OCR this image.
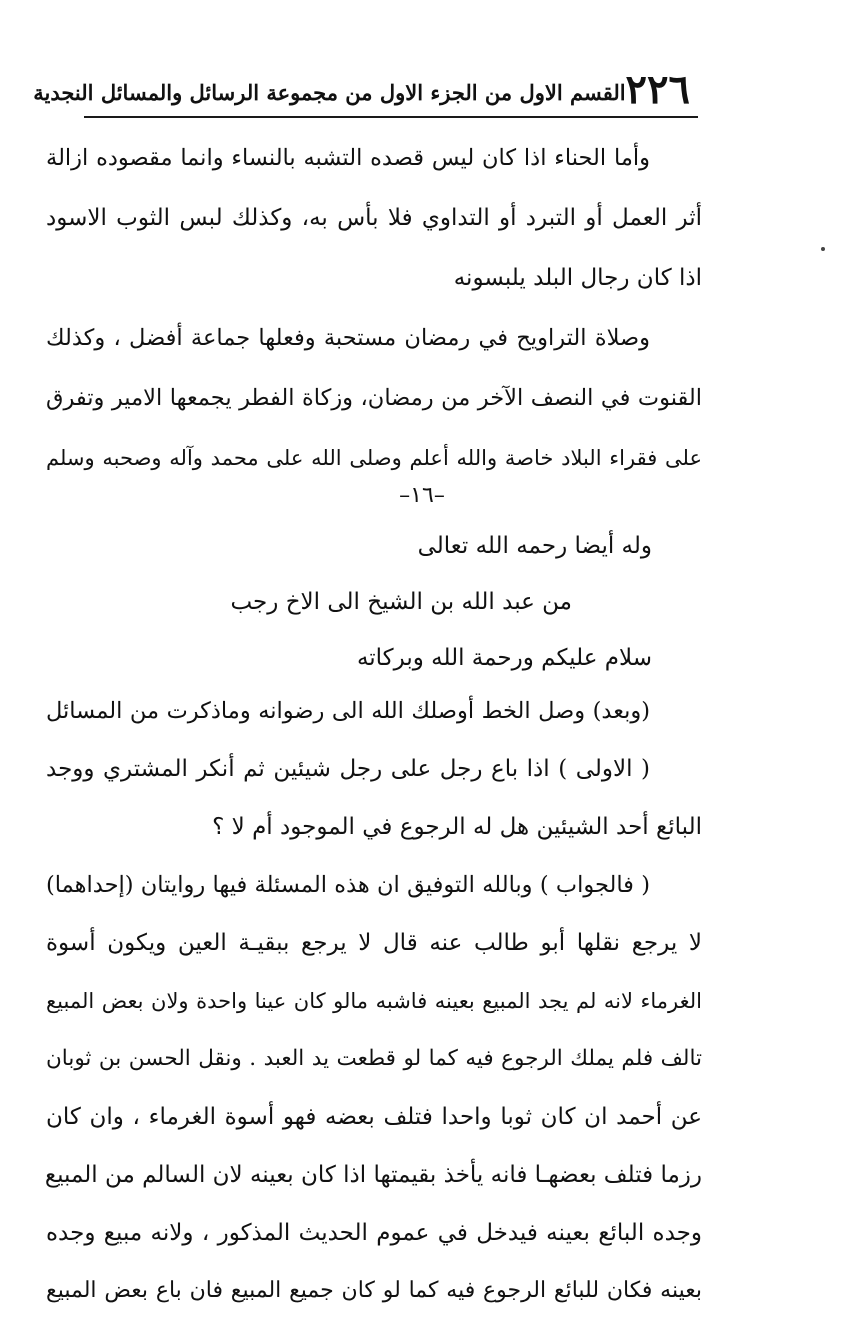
٢٢٦
القسم الاول من الجزء الاول من مجموعة الرسائل والمسائل النجدية
وأما الحناء اذا كان ليس قصده التشبه بالنساء وانما مقصوده ازالة
أثر العمل أو التبرد أو التداوي فلا بأس به، وكذلك لبس الثوب الاسود
اذا كان رجال البلد يلبسونه
وصلاة التراويح في رمضان مستحبة وفعلها جماعة أفضل ، وكذلك
القنوت في النصف الآخر من رمضان، وزكاة الفطر يجمعها الامير وتفرق
على فقراء البلاد خاصة والله أعلم وصلى الله على محمد وآله وصحبه وسلم
–١٦–
وله أيضا رحمه الله تعالى
من عبد الله بن الشيخ الى الاخ رجب
سلام عليكم ورحمة الله وبركاته
(وبعد) وصل الخط أوصلك الله الى رضوانه وماذكرت من المسائل
( الاولى ) اذا باع رجل على رجل شيئين ثم أنكر المشتري ووجد
البائع أحد الشيئين هل له الرجوع في الموجود أم لا ؟
( فالجواب ) وبالله التوفيق ان هذه المسئلة فيها روايتان (إحداهما)
لا يرجع نقلها أبو طالب عنه قال لا يرجع ببقيـة العين ويكون أسوة
الغرماء لانه لم يجد المبيع بعينه فاشبه مالو كان عينا واحدة ولان بعض المبيع
تالف فلم يملك الرجوع فيه كما لو قطعت يد العبد . ونقل الحسن بن ثوبان
عن أحمد ان كان ثوبا واحدا فتلف بعضه فهو أسوة الغرماء ، وان كان
رزما فتلف بعضهـا فانه يأخذ بقيمتها اذا كان بعينه لان السالم من المبيع
وجده البائع بعينه فيدخل في عموم الحديث المذكور ، ولانه مبيع وجده
بعينه فكان للبائع الرجوع فيه كما لو كان جميع المبيع فان باع بعض المبيع
